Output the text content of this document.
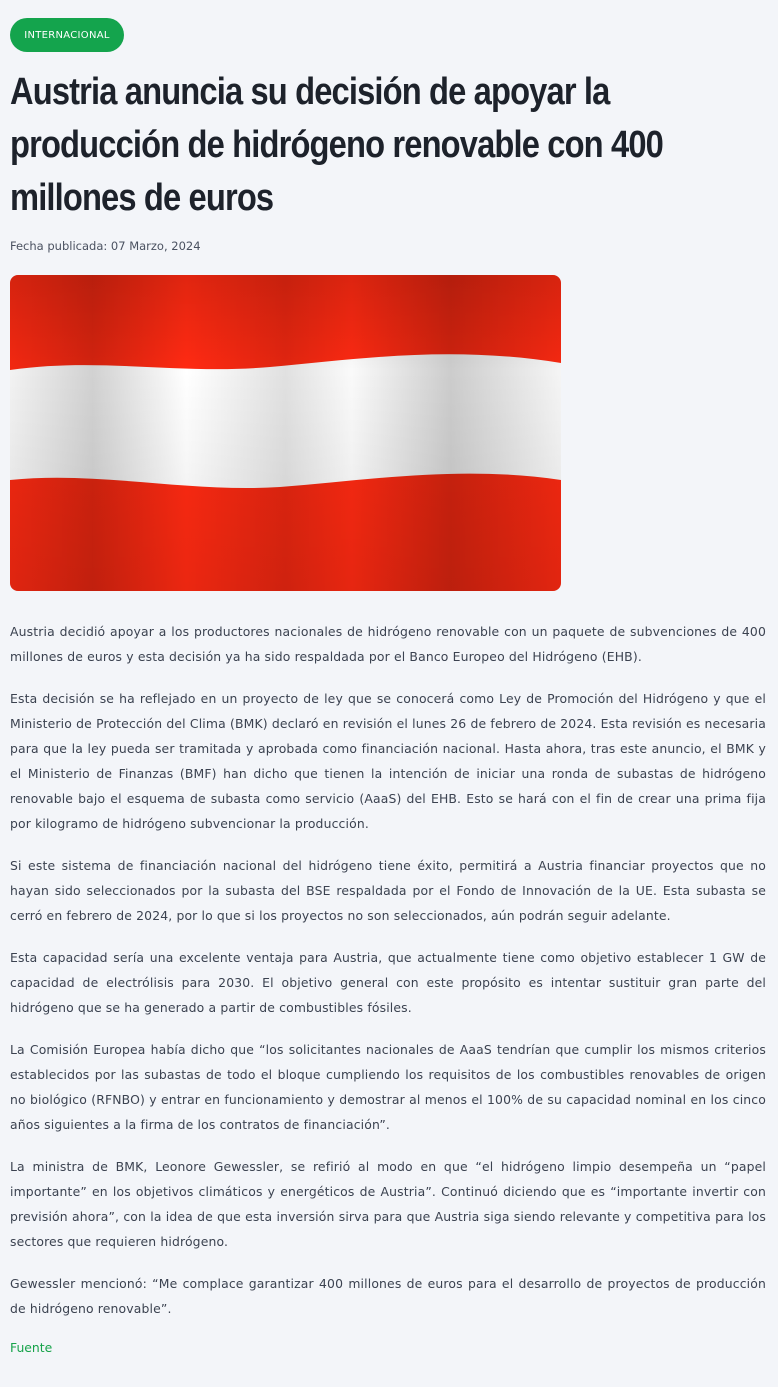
INTERNACIONAL
Austria anuncia su decisión de apoyar la producción de hidrógeno renovable con 400 millones de euros
Fecha publicada: 07 Marzo, 2024

Austria decidió apoyar a los productores nacionales de hidrógeno renovable con un paquete de subvenciones de 400 millones de euros y esta decisión ya ha sido respaldada por el Banco Europeo del Hidrógeno (EHB).

Esta decisión se ha reflejado en un proyecto de ley que se conocerá como Ley de Promoción del Hidrógeno y que el Ministerio de Protección del Clima (BMK) declaró en revisión el lunes 26 de febrero de 2024. Esta revisión es necesaria para que la ley pueda ser tramitada y aprobada como financiación nacional. Hasta ahora, tras este anuncio, el BMK y el Ministerio de Finanzas (BMF) han dicho que tienen la intención de iniciar una ronda de subastas de hidrógeno renovable bajo el esquema de subasta como servicio (AaaS) del EHB. Esto se hará con el fin de crear una prima fija por kilogramo de hidrógeno subvencionar la producción.

Si este sistema de financiación nacional del hidrógeno tiene éxito, permitirá a Austria financiar proyectos que no hayan sido seleccionados por la subasta del BSE respaldada por el Fondo de Innovación de la UE. Esta subasta se cerró en febrero de 2024, por lo que si los proyectos no son seleccionados, aún podrán seguir adelante.

Esta capacidad sería una excelente ventaja para Austria, que actualmente tiene como objetivo establecer 1 GW de capacidad de electrólisis para 2030. El objetivo general con este propósito es intentar sustituir gran parte del hidrógeno que se ha generado a partir de combustibles fósiles.

La Comisión Europea había dicho que “los solicitantes nacionales de AaaS tendrían que cumplir los mismos criterios establecidos por las subastas de todo el bloque cumpliendo los requisitos de los combustibles renovables de origen no biológico (RFNBO) y entrar en funcionamiento y demostrar al menos el 100% de su capacidad nominal en los cinco años siguientes a la firma de los contratos de financiación”.

La ministra de BMK, Leonore Gewessler, se refirió al modo en que “el hidrógeno limpio desempeña un “papel importante” en los objetivos climáticos y energéticos de Austria”. Continuó diciendo que es “importante invertir con previsión ahora”, con la idea de que esta inversión sirva para que Austria siga siendo relevante y competitiva para los sectores que requieren hidrógeno.

Gewessler mencionó: “Me complace garantizar 400 millones de euros para el desarrollo de proyectos de producción de hidrógeno renovable”.

Fuente
